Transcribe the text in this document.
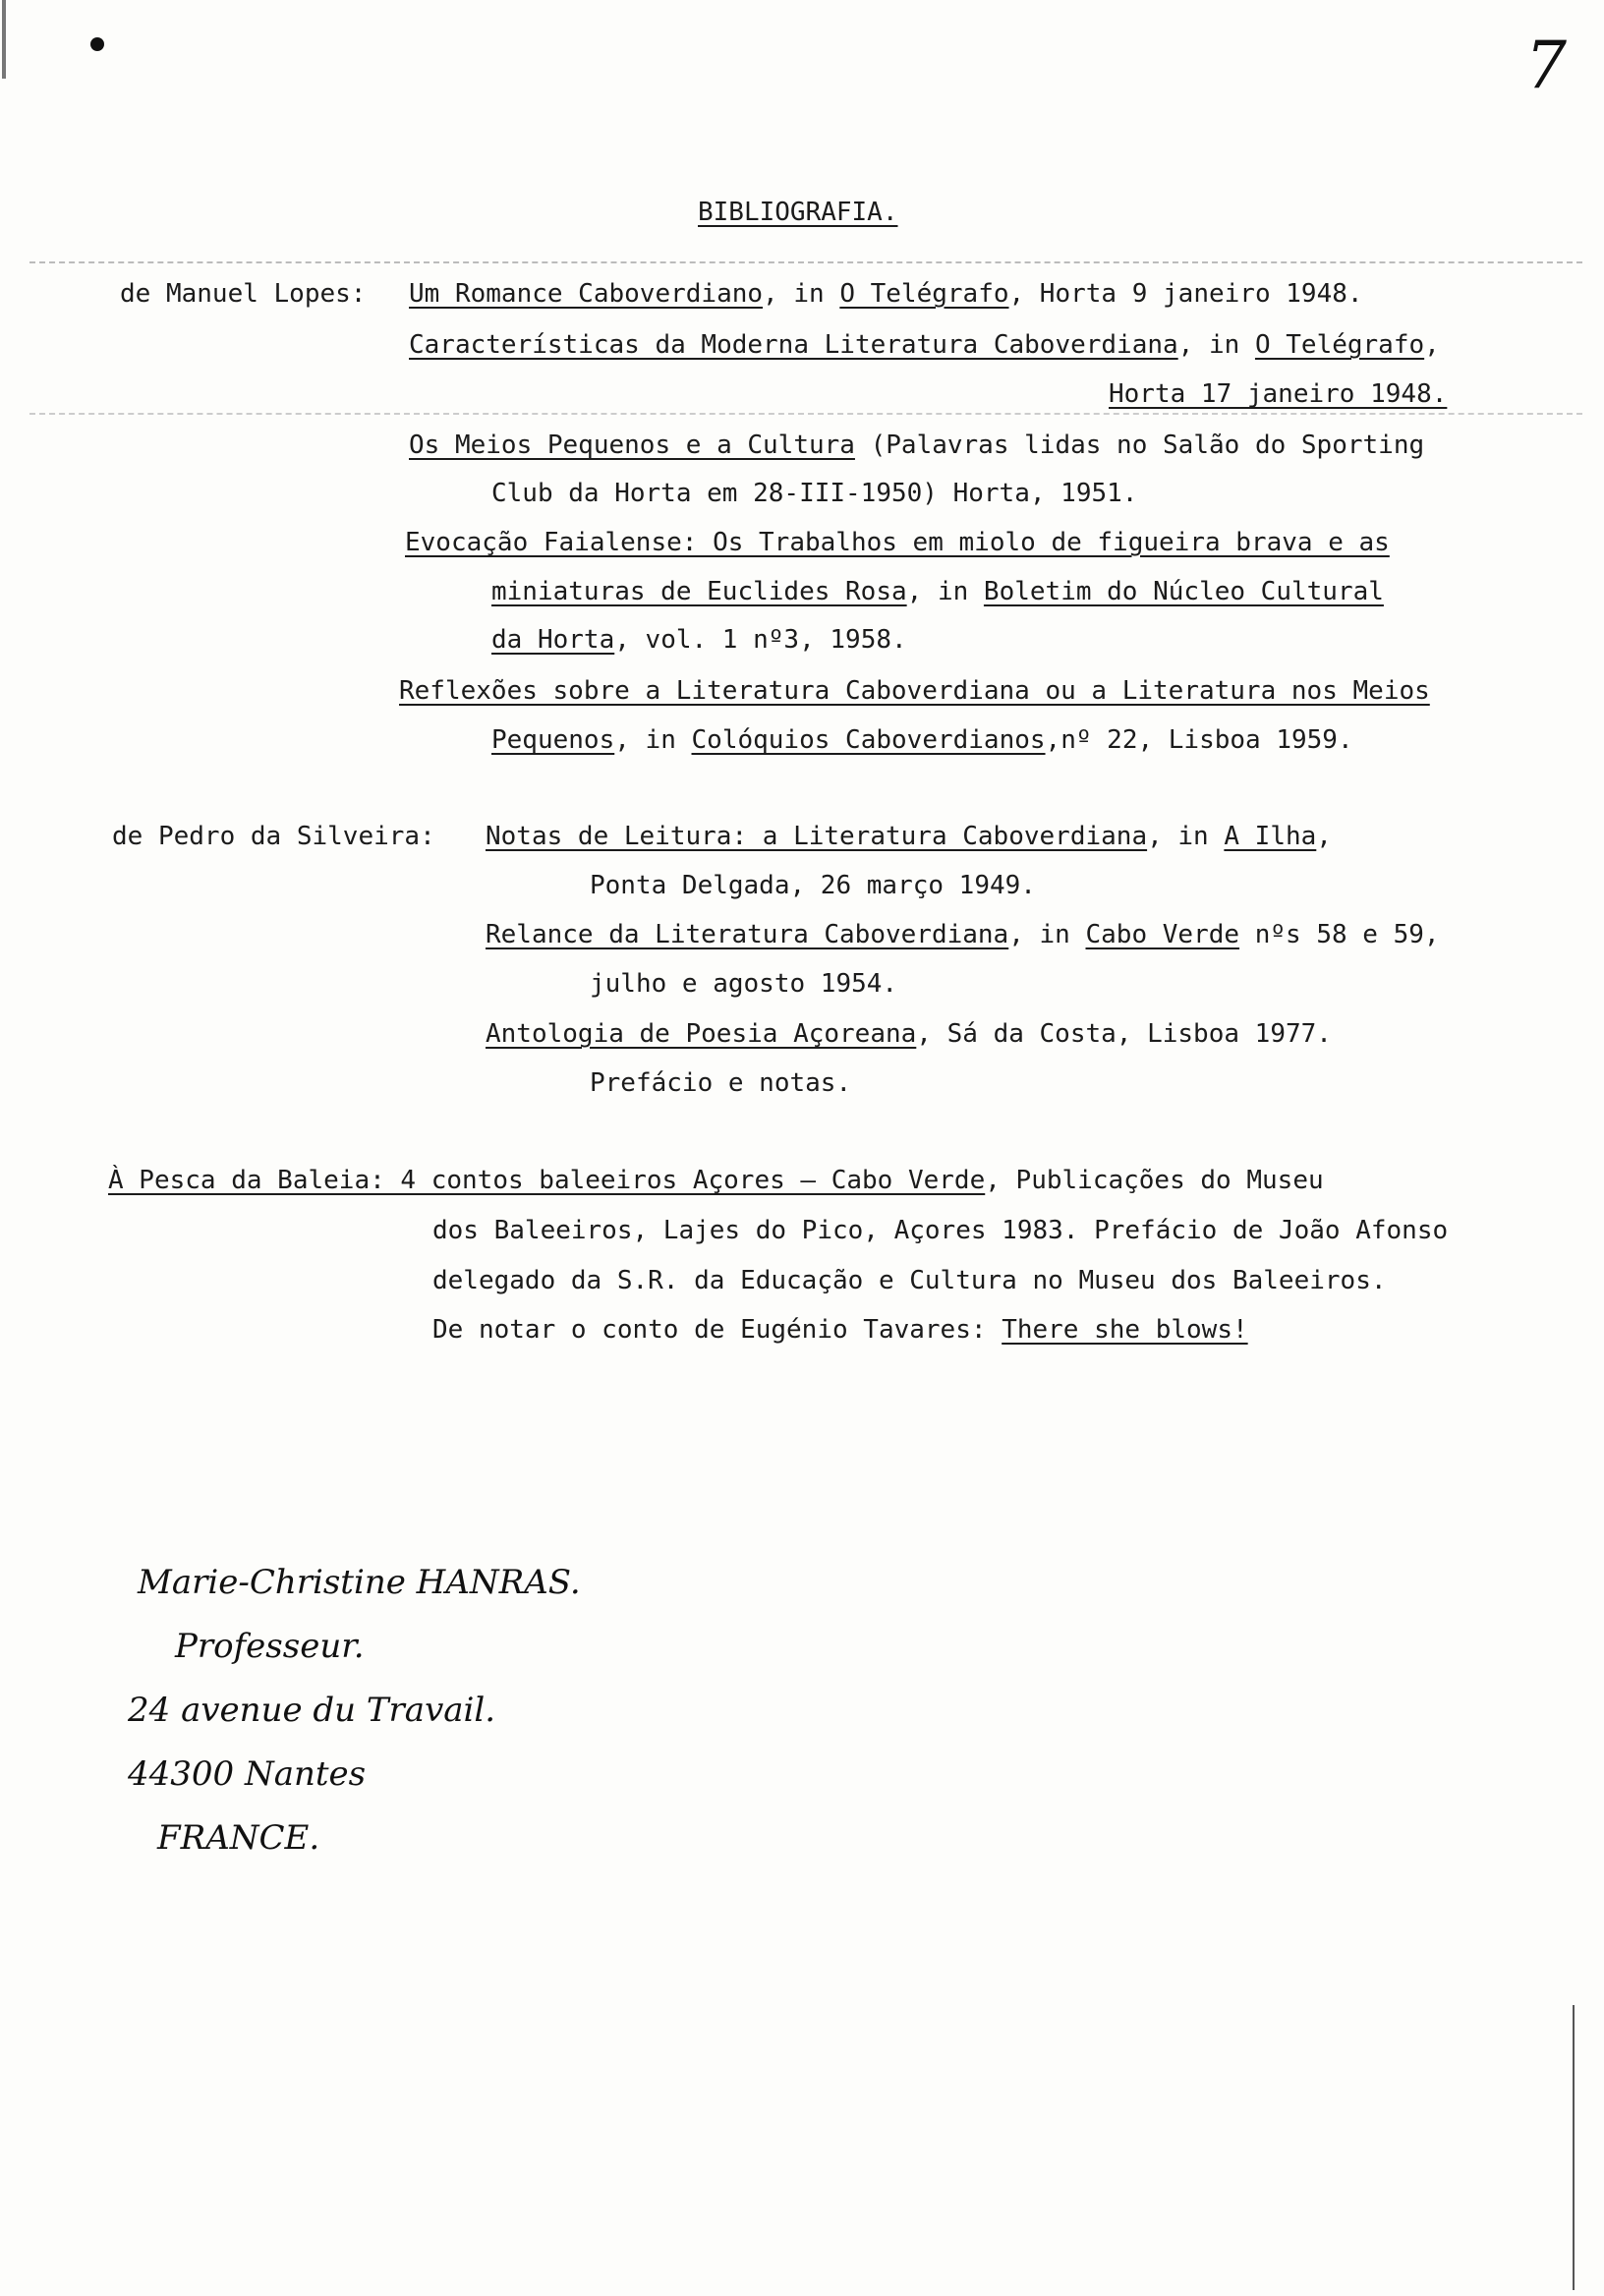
7
BIBLIOGRAFIA.
de Manuel Lopes: Um Romance Caboverdiano, in O Telégrafo, Horta 9 janeiro 1948.
Características da Moderna Literatura Caboverdiana, in O Telégrafo,
Horta 17 janeiro 1948.
Os Meios Pequenos e a Cultura (Palavras lidas no Salão do Sporting
Club da Horta em 28-III-1950) Horta, 1951.
Evocação Faialense: Os Trabalhos em miolo de figueira brava e as
miniaturas de Euclides Rosa, in Boletim do Núcleo Cultural
da Horta, vol. 1 nº3, 1958.
Reflexões sobre a Literatura Caboverdiana ou a Literatura nos Meios
Pequenos, in Colóquios Caboverdianos,nº 22, Lisboa 1959.
de Pedro da Silveira: Notas de Leitura: a Literatura Caboverdiana, in A Ilha,
Ponta Delgada, 26 março 1949.
Relance da Literatura Caboverdiana, in Cabo Verde nºs 58 e 59,
julho e agosto 1954.
Antologia de Poesia Açoreana, Sá da Costa, Lisboa 1977.
Prefácio e notas.
À Pesca da Baleia: 4 contos baleeiros Açores — Cabo Verde, Publicações do Museu
dos Baleeiros, Lajes do Pico, Açores 1983. Prefácio de João Afonso
delegado da S.R. da Educação e Cultura no Museu dos Baleeiros.
De notar o conto de Eugénio Tavares: There she blows!
Marie-Christine HANRAS.
Professeur.
24 avenue du Travail.
44300 Nantes
FRANCE.
